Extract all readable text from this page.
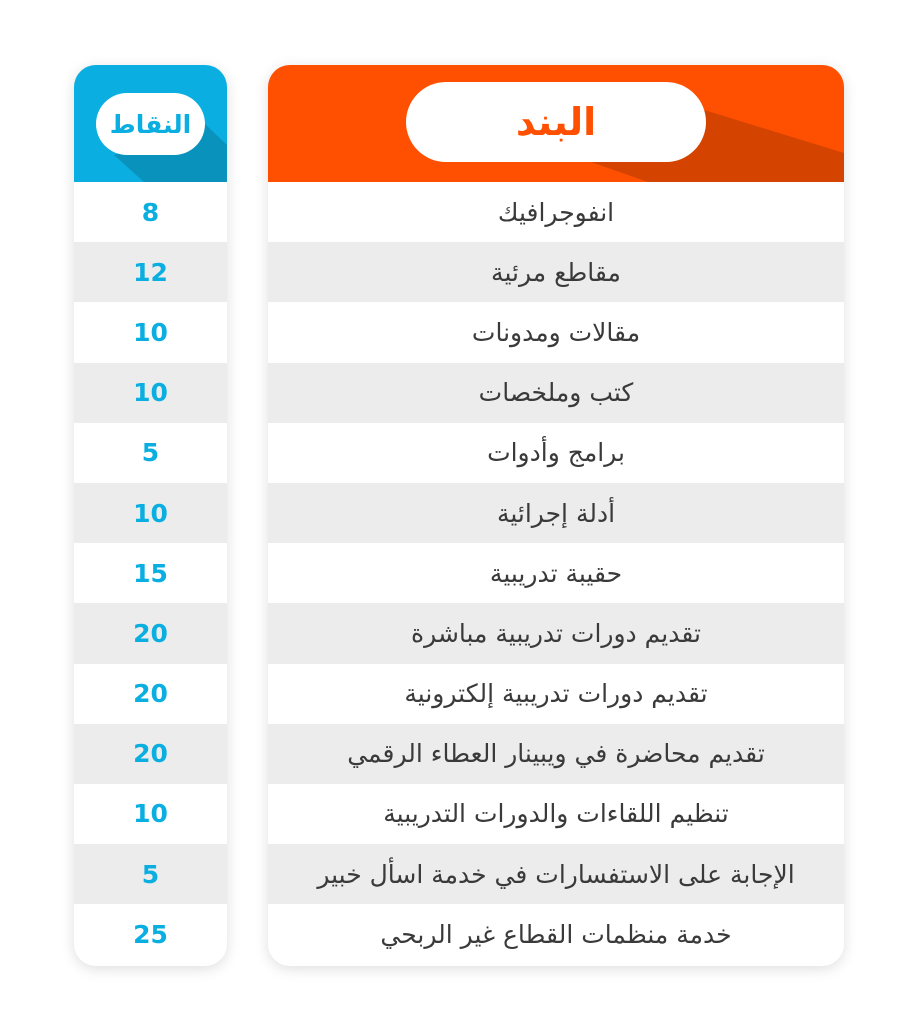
النقاط
8
12
10
10
5
10
15
20
20
20
10
5
25
البند
انفوجرافيك
مقاطع مرئية
مقالات ومدونات
كتب وملخصات
برامج وأدوات
أدلة إجرائية
حقيبة تدريبية
تقديم دورات تدريبية مباشرة
تقديم دورات تدريبية إلكترونية
تقديم محاضرة في ويبينار العطاء الرقمي
تنظيم اللقاءات والدورات التدريبية
الإجابة على الاستفسارات في خدمة اسأل خبير
خدمة منظمات القطاع غير الربحي
